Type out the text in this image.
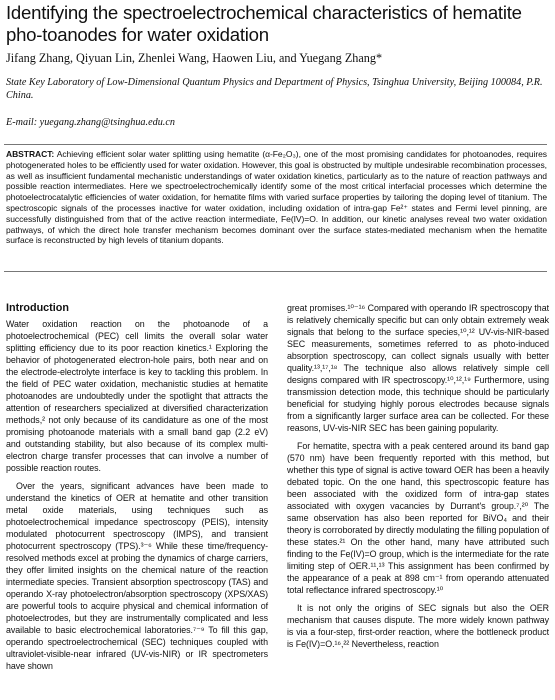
Identifying the spectroelectrochemical characteristics of hematite pho-toanodes for water oxidation

Jifang Zhang, Qiyuan Lin, Zhenlei Wang, Haowen Liu, and Yuegang Zhang*

State Key Laboratory of Low-Dimensional Quantum Physics and Department of Physics, Tsinghua University, Beijing 100084, P.R. China.

E-mail: yuegang.zhang@tsinghua.edu.cn

ABSTRACT: Achieving efficient solar water splitting using hematite (α-Fe₂O₃), one of the most promising candidates for photoanodes, requires photogenerated holes to be efficiently used for water oxidation. However, this goal is obstructed by multiple undesirable recombination processes, as well as insufficient fundamental mechanistic understandings of water oxidation kinetics, particularly as to the nature of reaction pathways and possible reaction intermediates. Here we spectroelectrochemically identify some of the most critical interfacial processes which determine the photoelectrocatalytic efficiencies of water oxidation, for hematite films with varied surface properties by tailoring the doping level of titanium. The spectroscopic signals of the processes inactive for water oxidation, including oxidation of intra-gap Fe²⁺ states and Fermi level pinning, are successfully distinguished from that of the active reaction intermediate, Fe(IV)=O. In addition, our kinetic analyses reveal two water oxidation pathways, of which the direct hole transfer mechanism becomes dominant over the surface states-mediated mechanism when the hematite surface is reconstructed by high levels of titanium dopants.

Introduction

Water oxidation reaction on the photoanode of a photoelectrochemical (PEC) cell limits the overall solar water splitting efficiency due to its poor reaction kinetics.¹ Exploring the behavior of photogenerated electron-hole pairs, both near and on the electrode-electrolyte interface is key to tackling this problem. In the field of PEC water oxidation, mechanistic studies at hematite photoanodes are undoubtedly under the spotlight that attracts the attention of researchers specialized at diversified characterization methods,² not only because of its candidature as one of the most promising photoanode materials with a small band gap (2.2 eV) and outstanding stability, but also because of its complex multi-electron charge transfer processes that can involve a number of possible reaction routes.

Over the years, significant advances have been made to understand the kinetics of OER at hematite and other transition metal oxide materials, using techniques such as photoelectrochemical impedance spectroscopy (PEIS), intensity modulated photocurrent spectroscopy (IMPS), and transient photocurrent spectroscopy (TPS).³⁻⁶ While these time/frequency-resolved methods excel at probing the dynamics of charge carriers, they offer limited insights on the chemical nature of the reaction intermediate species. Transient absorption spectroscopy (TAS) and operando X-ray photoelectron/absorption spectroscopy (XPS/XAS) are powerful tools to acquire physical and chemical information of photoelectrodes, but they are instrumentally complicated and less available to basic electrochemical laboratories.⁷⁻⁹ To fill this gap, operando spectroelectrochemical (SEC) techniques coupled with ultraviolet-visible-near infrared (UV-vis-NIR) or IR spectrometers have shown

great promises.¹⁰⁻¹⁶ Compared with operando IR spectroscopy that is relatively chemically specific but can only obtain extremely weak signals that belong to the surface species,¹⁰,¹² UV-vis-NIR-based SEC measurements, sometimes referred to as photo-induced absorption spectroscopy, can collect signals usually with better quality.¹³,¹⁷,¹⁸ The technique also allows relatively simple cell designs compared with IR spectroscopy.¹⁰,¹²,¹⁹ Furthermore, using transmission detection mode, this technique should be particularly beneficial for studying highly porous electrodes because signals from a significantly larger surface area can be collected. For these reasons, UV-vis-NIR SEC has been gaining popularity.

For hematite, spectra with a peak centered around its band gap (570 nm) have been frequently reported with this method, but whether this type of signal is active toward OER has been a heavily debated topic. On the one hand, this spectroscopic feature has been associated with the oxidized form of intra-gap states associated with oxygen vacancies by Durrant's group.⁷,²⁰ The same observation has also been reported for BiVO₄ and their theory is corroborated by directly modulating the filling population of these states.²¹ On the other hand, many have attributed such finding to the Fe(IV)=O group, which is the intermediate for the rate limiting step of OER.¹¹,¹³ This assignment has been confirmed by the appearance of a peak at 898 cm⁻¹ from operando attenuated total reflectance infrared spectroscopy.¹⁰

It is not only the origins of SEC signals but also the OER mechanism that causes dispute. The more widely known pathway is via a four-step, first-order reaction, where the bottleneck product is Fe(IV)=O.¹⁶,²² Nevertheless, reaction
